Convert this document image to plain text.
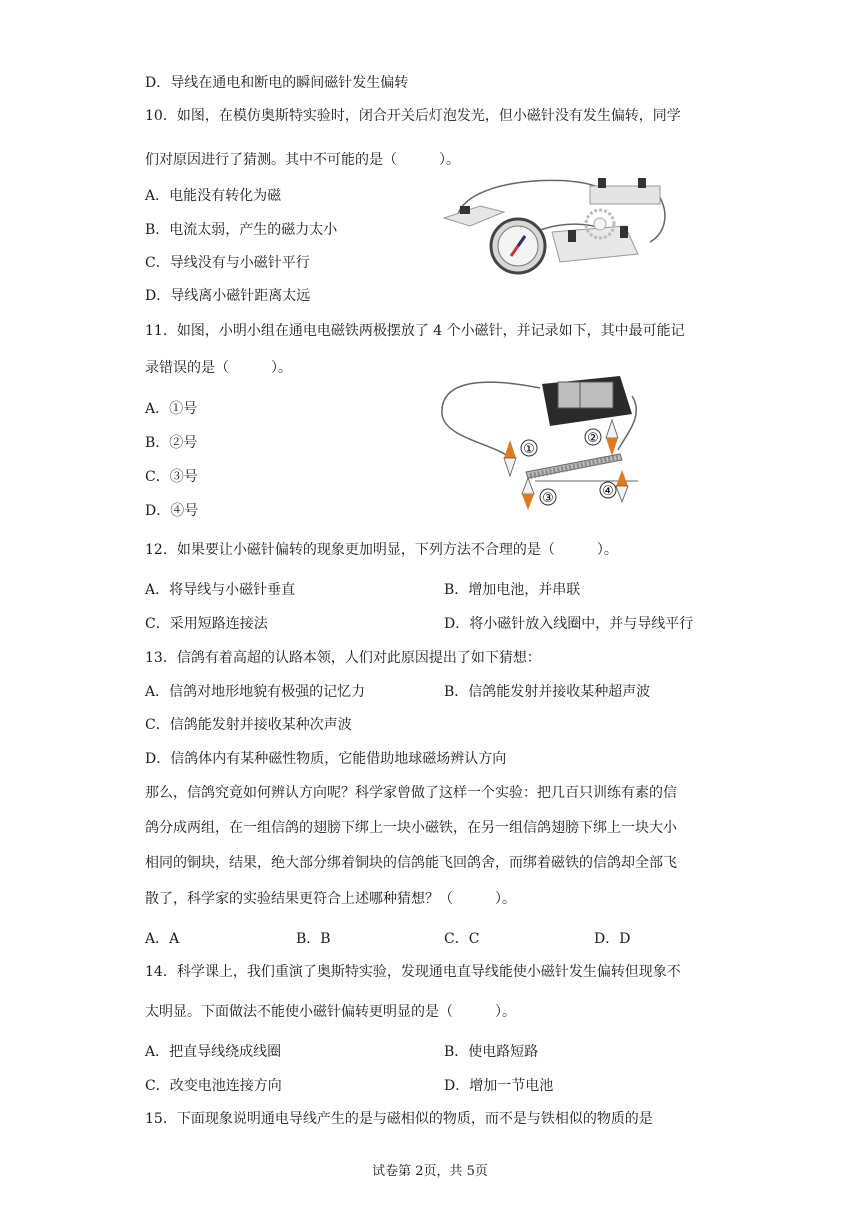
D．导线在通电和断电的瞬间磁针发生偏转
10．如图，在模仿奥斯特实验时，闭合开关后灯泡发光，但小磁针没有发生偏转，同学
们对原因进行了猜测。其中不可能的是（　　　）。
A．电能没有转化为磁
B．电流太弱，产生的磁力太小
C．导线没有与小磁针平行
D．导线离小磁针距离太远
11．如图，小明小组在通电电磁铁两极摆放了 4 个小磁针，并记录如下，其中最可能记
录错误的是（　　　）。
A．①号
B．②号
C．③号
D．④号
①
②
③	④
12．如果要让小磁针偏转的现象更加明显，下列方法不合理的是（　　　）。
A．将导线与小磁针垂直	B．增加电池，并串联
C．采用短路连接法	D．将小磁针放入线圈中，并与导线平行
13．信鸽有着高超的认路本领，人们对此原因提出了如下猜想：
A．信鸽对地形地貌有极强的记忆力	B．信鸽能发射并接收某种超声波
C．信鸽能发射并接收某种次声波
D．信鸽体内有某种磁性物质，它能借助地球磁场辨认方向
那么，信鸽究竟如何辨认方向呢？科学家曾做了这样一个实验：把几百只训练有素的信
鸽分成两组，在一组信鸽的翅膀下绑上一块小磁铁，在另一组信鸽翅膀下绑上一块大小
相同的铜块，结果，绝大部分绑着铜块的信鸽能飞回鸽舍，而绑着磁铁的信鸽却全部飞
散了，科学家的实验结果更符合上述哪种猜想？（　　　）。
A．A	B．B	C．C	D．D
14．科学课上，我们重演了奥斯特实验，发现通电直导线能使小磁针发生偏转但现象不
太明显。下面做法不能使小磁针偏转更明显的是（　　　）。
A．把直导线绕成线圈	B．使电路短路
C．改变电池连接方向	D．增加一节电池
15．下面现象说明通电导线产生的是与磁相似的物质，而不是与铁相似的物质的是
试卷第 2页，共 5页
